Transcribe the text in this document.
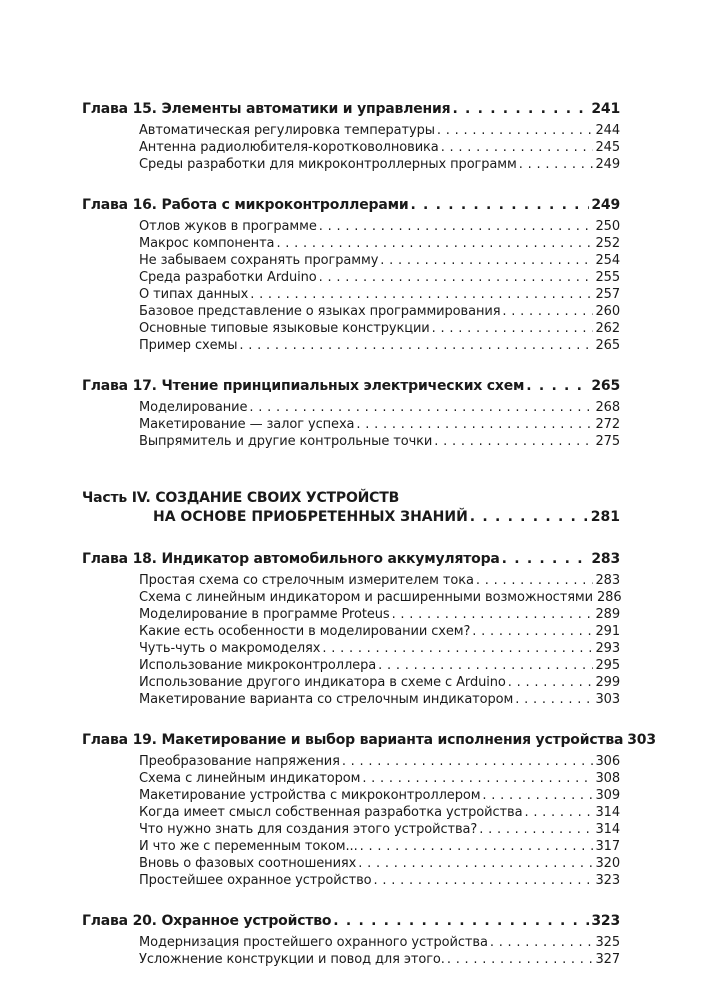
Глава 15. Элементы автоматики и управления . . .	241
Автоматическая регулировка температуры . . .	244
Антенна радиолюбителя-коротковолновика . . .	245
Среды разработки для микроконтроллерных программ . . .	249
Глава 16. Работа с микроконтроллерами . . .	249
Отлов жуков в программе . . .	250
Макрос компонента . . .	252
Не забываем сохранять программу . . .	254
Среда разработки Arduino . . .	255
О типах данных . . .	257
Базовое представление о языках программирования . . .	260
Основные типовые языковые конструкции . . .	262
Пример схемы . . .	265
Глава 17. Чтение принципиальных электрических схем . . .	265
Моделирование . . .	268
Макетирование — залог успеха . . .	272
Выпрямитель и другие контрольные точки . . .	275
Часть IV. СОЗДАНИЕ СВОИХ УСТРОЙСТВ
НА ОСНОВЕ ПРИОБРЕТЕННЫХ ЗНАНИЙ . . .	281
Глава 18. Индикатор автомобильного аккумулятора . . .	283
Простая схема со стрелочным измерителем тока . . .	283
Схема с линейным индикатором и расширенными возможностями 286
Моделирование в программе Proteus . . .	289
Какие есть особенности в моделировании схем? . . .	291
Чуть-чуть о макромоделях . . .	293
Использование микроконтроллера . . .	295
Использование другого индикатора в схеме с Arduino . . .	299
Макетирование варианта со стрелочным индикатором . . .	303
Глава 19. Макетирование и выбор варианта исполнения устройства 303
Преобразование напряжения . . .	306
Схема с линейным индикатором . . .	308
Макетирование устройства с микроконтроллером . . .	309
Когда имеет смысл собственная разработка устройства . . .	314
Что нужно знать для создания этого устройства? . . .	314
И что же с переменным током... . . .	317
Вновь о фазовых соотношениях . . .	320
Простейшее охранное устройство . . .	323
Глава 20. Охранное устройство . . .	323
Модернизация простейшего охранного устройства . . .	325
Усложнение конструкции и повод для этого. . . .	327
